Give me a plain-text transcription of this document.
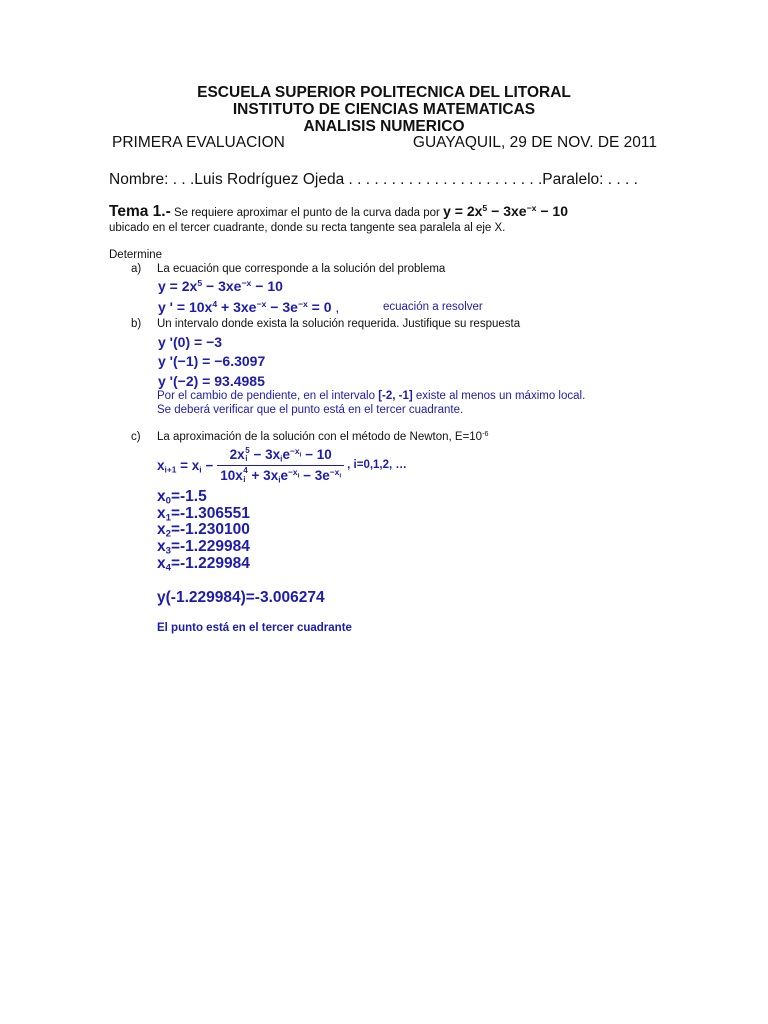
ESCUELA SUPERIOR POLITECNICA DEL LITORAL
INSTITUTO DE CIENCIAS MATEMATICAS
ANALISIS NUMERICO
PRIMERA EVALUACION	GUAYAQUIL, 29 DE NOV. DE 2011
Nombre: . . .Luis Rodríguez Ojeda . . . . . . . . . . . . . . . . . . . . . . .Paralelo: . . . .
Tema 1.- Se requiere aproximar el punto de la curva dada por $y = 2x^5 - 3xe^{-x} - 10$
ubicado en el tercer cuadrante, donde su recta tangente sea paralela al eje X.
Determine
a) La ecuación que corresponde a la solución del problema
$y = 2x^5 - 3xe^{-x} - 10$
y ' = $10x^4 + 3xe^{-x} - 3e^{-x} = 0$ ,	ecuación a resolver
b) Un intervalo donde exista la solución requerida. Justifique su respuesta
y '(0) = −3
y '(−1) = −6.3097
y '(−2) = 93.4985
Por el cambio de pendiente, en el intervalo [-2, -1] existe al menos un máximo local.
Se deberá verificar que el punto está en el tercer cuadrante.
c) La aproximación de la solución con el método de Newton, $E=10^{-6}$
$x_{i+1} = x_i - 2x$ 5
$i - 3x_ie^{-x_i} - 10$
10x 4
$i + 3x_ie^{-x_i} - 3e^{-x_i}$ , i=0,1,2, …
$x_0=-1.5$
$x_1=-1.306551$
$x_2=-1.230100$
$x_3=-1.229984$
$x_4=-1.229984$
y(-1.229984)=-3.006274
El punto está en el tercer cuadrante
